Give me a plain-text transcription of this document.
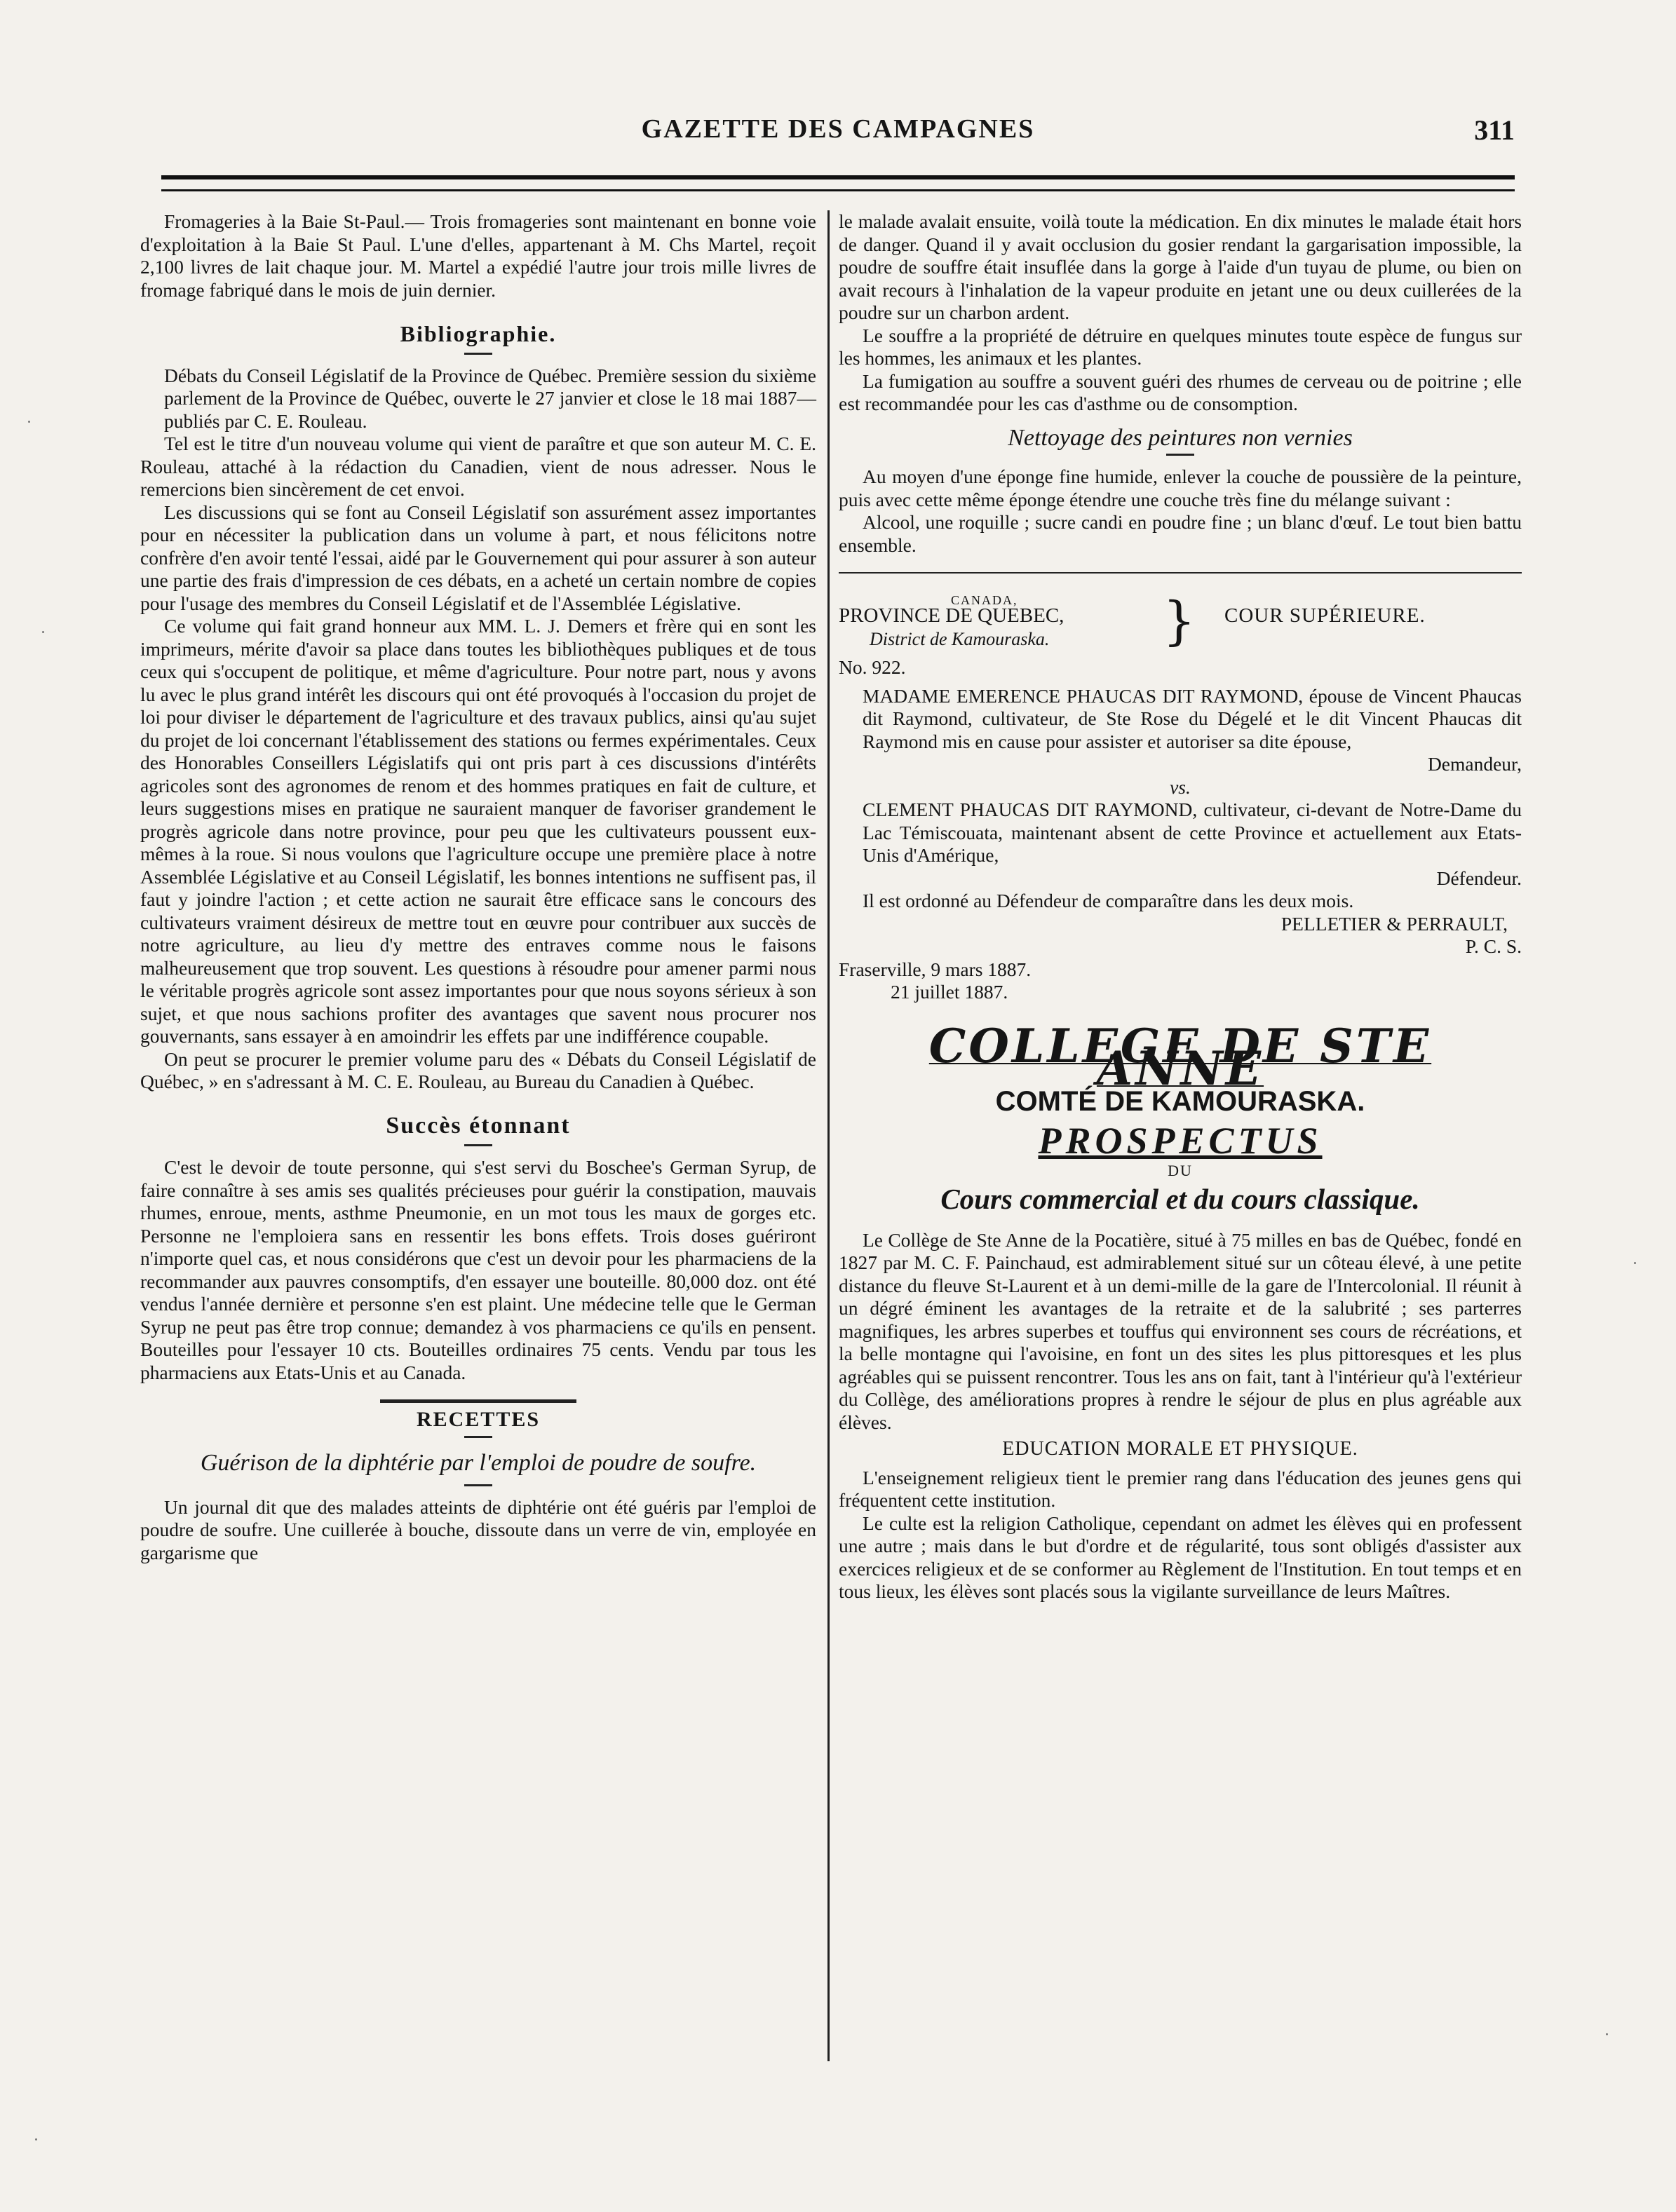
GAZETTE DES CAMPAGNES	311

Fromageries à la Baie St-Paul.— Trois fromageries sont maintenant en bonne voie d'exploitation à la Baie St Paul. L'une d'elles, appartenant à M. Chs Martel, reçoit 2,100 livres de lait chaque jour. M. Martel a expédié l'autre jour trois mille livres de fromage fabriqué dans le mois de juin dernier.

Bibliographie.

Débats du Conseil Législatif de la Province de Québec. Première session du sixième parlement de la Province de Québec, ouverte le 27 janvier et close le 18 mai 1887—publiés par C. E. Rouleau.

Tel est le titre d'un nouveau volume qui vient de paraître et que son auteur M. C. E. Rouleau, attaché à la rédaction du Canadien, vient de nous adresser. Nous le remercions bien sincèrement de cet envoi.

Les discussions qui se font au Conseil Législatif son assurément assez importantes pour en nécessiter la publication dans un volume à part, et nous félicitons notre confrère d'en avoir tenté l'essai, aidé par le Gouvernement qui pour assurer à son auteur une partie des frais d'impression de ces débats, en a acheté un certain nombre de copies pour l'usage des membres du Conseil Législatif et de l'Assemblée Législative.

Ce volume qui fait grand honneur aux MM. L. J. Demers et frère qui en sont les imprimeurs, mérite d'avoir sa place dans toutes les bibliothèques publiques et de tous ceux qui s'occupent de politique, et même d'agriculture. Pour notre part, nous y avons lu avec le plus grand intérêt les discours qui ont été provoqués à l'occasion du projet de loi pour diviser le département de l'agriculture et des travaux publics, ainsi qu'au sujet du projet de loi concernant l'établissement des stations ou fermes expérimentales. Ceux des Honorables Conseillers Législatifs qui ont pris part à ces discussions d'intérêts agricoles sont des agronomes de renom et des hommes pratiques en fait de culture, et leurs suggestions mises en pratique ne sauraient manquer de favoriser grandement le progrès agricole dans notre province, pour peu que les cultivateurs poussent eux-mêmes à la roue. Si nous voulons que l'agriculture occupe une première place à notre Assemblée Législative et au Conseil Législatif, les bonnes intentions ne suffisent pas, il faut y joindre l'action ; et cette action ne saurait être efficace sans le concours des cultivateurs vraiment désireux de mettre tout en œuvre pour contribuer aux succès de notre agriculture, au lieu d'y mettre des entraves comme nous le faisons malheureusement que trop souvent. Les questions à résoudre pour amener parmi nous le véritable progrès agricole sont assez importantes pour que nous soyons sérieux à son sujet, et que nous sachions profiter des avantages que savent nous procurer nos gouvernants, sans essayer à en amoindrir les effets par une indifférence coupable.

On peut se procurer le premier volume paru des « Débats du Conseil Législatif de Québec, » en s'adressant à M. C. E. Rouleau, au Bureau du Canadien à Québec.

Succès étonnant

C'est le devoir de toute personne, qui s'est servi du Boschee's German Syrup, de faire connaître à ses amis ses qualités précieuses pour guérir la constipation, mauvais rhumes, enroue, ments, asthme Pneumonie, en un mot tous les maux de gorges etc. Personne ne l'emploiera sans en ressentir les bons effets. Trois doses guériront n'importe quel cas, et nous considérons que c'est un devoir pour les pharmaciens de la recommander aux pauvres consomptifs, d'en essayer une bouteille. 80,000 doz. ont été vendus l'année dernière et personne s'en est plaint. Une médecine telle que le German Syrup ne peut pas être trop connue; demandez à vos pharmaciens ce qu'ils en pensent. Bouteilles pour l'essayer 10 cts. Bouteilles ordinaires 75 cents. Vendu par tous les pharmaciens aux Etats-Unis et au Canada.

RECETTES
Guérison de la diphtérie par l'emploi de poudre de soufre.

Un journal dit que des malades atteints de diphtérie ont été guéris par l'emploi de poudre de soufre. Une cuillerée à bouche, dissoute dans un verre de vin, employée en gargarisme que

le malade avalait ensuite, voilà toute la médication. En dix minutes le malade était hors de danger. Quand il y avait occlusion du gosier rendant la gargarisation impossible, la poudre de souffre était insuflée dans la gorge à l'aide d'un tuyau de plume, ou bien on avait recours à l'inhalation de la vapeur produite en jetant une ou deux cuillerées de la poudre sur un charbon ardent.

Le souffre a la propriété de détruire en quelques minutes toute espèce de fungus sur les hommes, les animaux et les plantes.

La fumigation au souffre a souvent guéri des rhumes de cerveau ou de poitrine ; elle est recommandée pour les cas d'asthme ou de consomption.

Nettoyage des peintures non vernies

Au moyen d'une éponge fine humide, enlever la couche de poussière de la peinture, puis avec cette même éponge étendre une couche très fine du mélange suivant :

Alcool, une roquille ; sucre candi en poudre fine ; un blanc d'œuf. Le tout bien battu ensemble.

CANADA,
PROVINCE DE QUEBEC,
District de Kamouraska. } COUR SUPÉRIEURE.

No. 922.

MADAME EMERENCE PHAUCAS DIT RAYMOND, épouse de Vincent Phaucas dit Raymond, cultivateur, de Ste Rose du Dégelé et le dit Vincent Phaucas dit Raymond mis en cause pour assister et autoriser sa dite épouse,

Demandeur,
vs.

CLEMENT PHAUCAS DIT RAYMOND, cultivateur, ci-devant de Notre-Dame du Lac Témiscouata, maintenant absent de cette Province et actuellement aux Etats-Unis d'Amérique,

Défendeur.

Il est ordonné au Défendeur de comparaître dans les deux mois.

PELLETIER & PERRAULT,
P. C. S.

Fraserville, 9 mars 1887.

21 juillet 1887.

COLLEGE DE STE ANNE
COMTÉ DE KAMOURASKA.
PROSPECTUS
DU
Cours commercial et du cours classique.

Le Collège de Ste Anne de la Pocatière, situé à 75 milles en bas de Québec, fondé en 1827 par M. C. F. Painchaud, est admirablement situé sur un côteau élevé, à une petite distance du fleuve St-Laurent et à un demi-mille de la gare de l'Intercolonial. Il réunit à un dégré éminent les avantages de la retraite et de la salubrité ; ses parterres magnifiques, les arbres superbes et touffus qui environnent ses cours de récréations, et la belle montagne qui l'avoisine, en font un des sites les plus pittoresques et les plus agréables qui se puissent rencontrer. Tous les ans on fait, tant à l'intérieur qu'à l'extérieur du Collège, des améliorations propres à rendre le séjour de plus en plus agréable aux élèves.

EDUCATION MORALE ET PHYSIQUE.

L'enseignement religieux tient le premier rang dans l'éducation des jeunes gens qui fréquentent cette institution.

Le culte est la religion Catholique, cependant on admet les élèves qui en professent une autre ; mais dans le but d'ordre et de régularité, tous sont obligés d'assister aux exercices religieux et de se conformer au Règlement de l'Institution. En tout temps et en tous lieux, les élèves sont placés sous la vigilante surveillance de leurs Maîtres.
